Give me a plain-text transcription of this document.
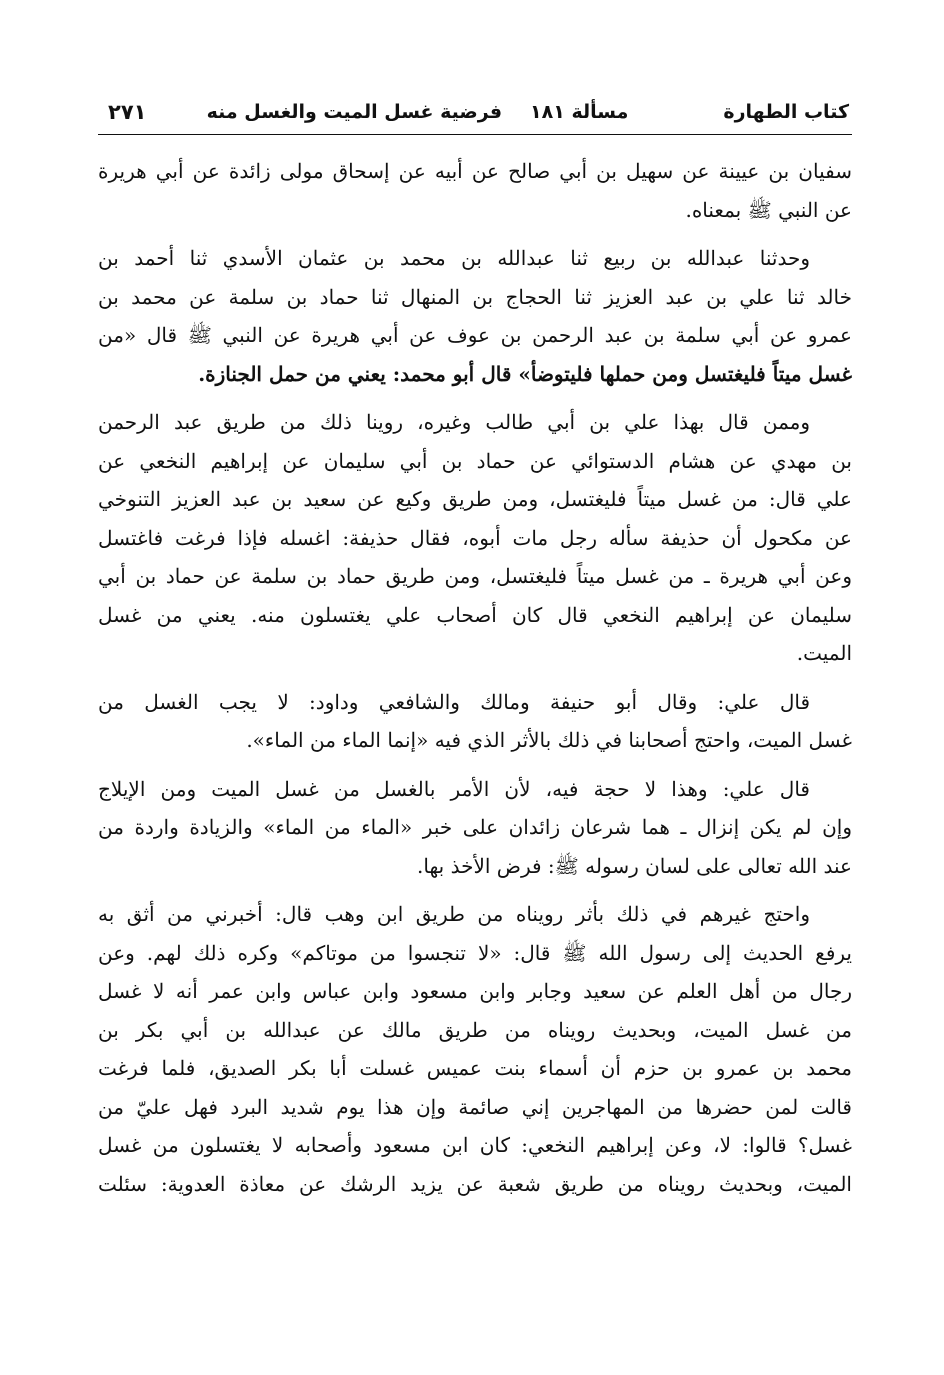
كتاب الطهارة
مسألة ١٨١
فرضية غسل الميت والغسل منه
٢٧١
سفيان بن عيينة عن سهيل بن أبي صالح عن أبيه عن إسحاق مولى زائدة عن أبي هريرة
عن النبي ﷺ بمعناه.
وحدثنا عبدالله بن ربيع ثنا عبدالله بن محمد بن عثمان الأسدي ثنا أحمد بن
خالد ثنا علي بن عبد العزيز ثنا الحجاج بن المنهال ثنا حماد بن سلمة عن محمد بن
عمرو عن أبي سلمة بن عبد الرحمن بن عوف عن أبي هريرة عن النبي ﷺ قال «من
غسل ميتاً فليغتسل ومن حملها فليتوضأ» قال أبو محمد: يعني من حمل الجنازة.
وممن قال بهذا علي بن أبي طالب وغيره، روينا ذلك من طريق عبد الرحمن
بن مهدي عن هشام الدستوائي عن حماد بن أبي سليمان عن إبراهيم النخعي عن
علي قال: من غسل ميتاً فليغتسل، ومن طريق وكيع عن سعيد بن عبد العزيز التنوخي
عن مكحول أن حذيفة سأله رجل مات أبوه، فقال حذيفة: اغسله فإذا فرغت فاغتسل
وعن أبي هريرة ـ من غسل ميتاً فليغتسل، ومن طريق حماد بن سلمة عن حماد بن أبي
سليمان عن إبراهيم النخعي قال كان أصحاب علي يغتسلون منه. يعني من غسل
الميت.
قال علي: وقال أبو حنيفة ومالك والشافعي وداود: لا يجب الغسل من
غسل الميت، واحتج أصحابنا في ذلك بالأثر الذي فيه «إنما الماء من الماء».
قال علي: وهذا لا حجة فيه، لأن الأمر بالغسل من غسل الميت ومن الإيلاج
وإن لم يكن إنزال ـ هما شرعان زائدان على خبر «الماء من الماء» والزيادة واردة من
عند الله تعالى على لسان رسوله ﷺ: فرض الأخذ بها.
واحتج غيرهم في ذلك بأثر رويناه من طريق ابن وهب قال: أخبرني من أثق به
يرفع الحديث إلى رسول الله ﷺ قال: «لا تنجسوا من موتاكم» وكره ذلك لهم. وعن
رجال من أهل العلم عن سعيد وجابر وابن مسعود وابن عباس وابن عمر أنه لا غسل
من غسل الميت، وبحديث رويناه من طريق مالك عن عبدالله بن أبي بكر بن
محمد بن عمرو بن حزم أن أسماء بنت عميس غسلت أبا بكر الصديق، فلما فرغت
قالت لمن حضرها من المهاجرين إني صائمة وإن هذا يوم شديد البرد فهل عليّ من
غسل؟ قالوا: لا، وعن إبراهيم النخعي: كان ابن مسعود وأصحابه لا يغتسلون من غسل
الميت، وبحديث رويناه من طريق شعبة عن يزيد الرشك عن معاذة العدوية: سئلت
